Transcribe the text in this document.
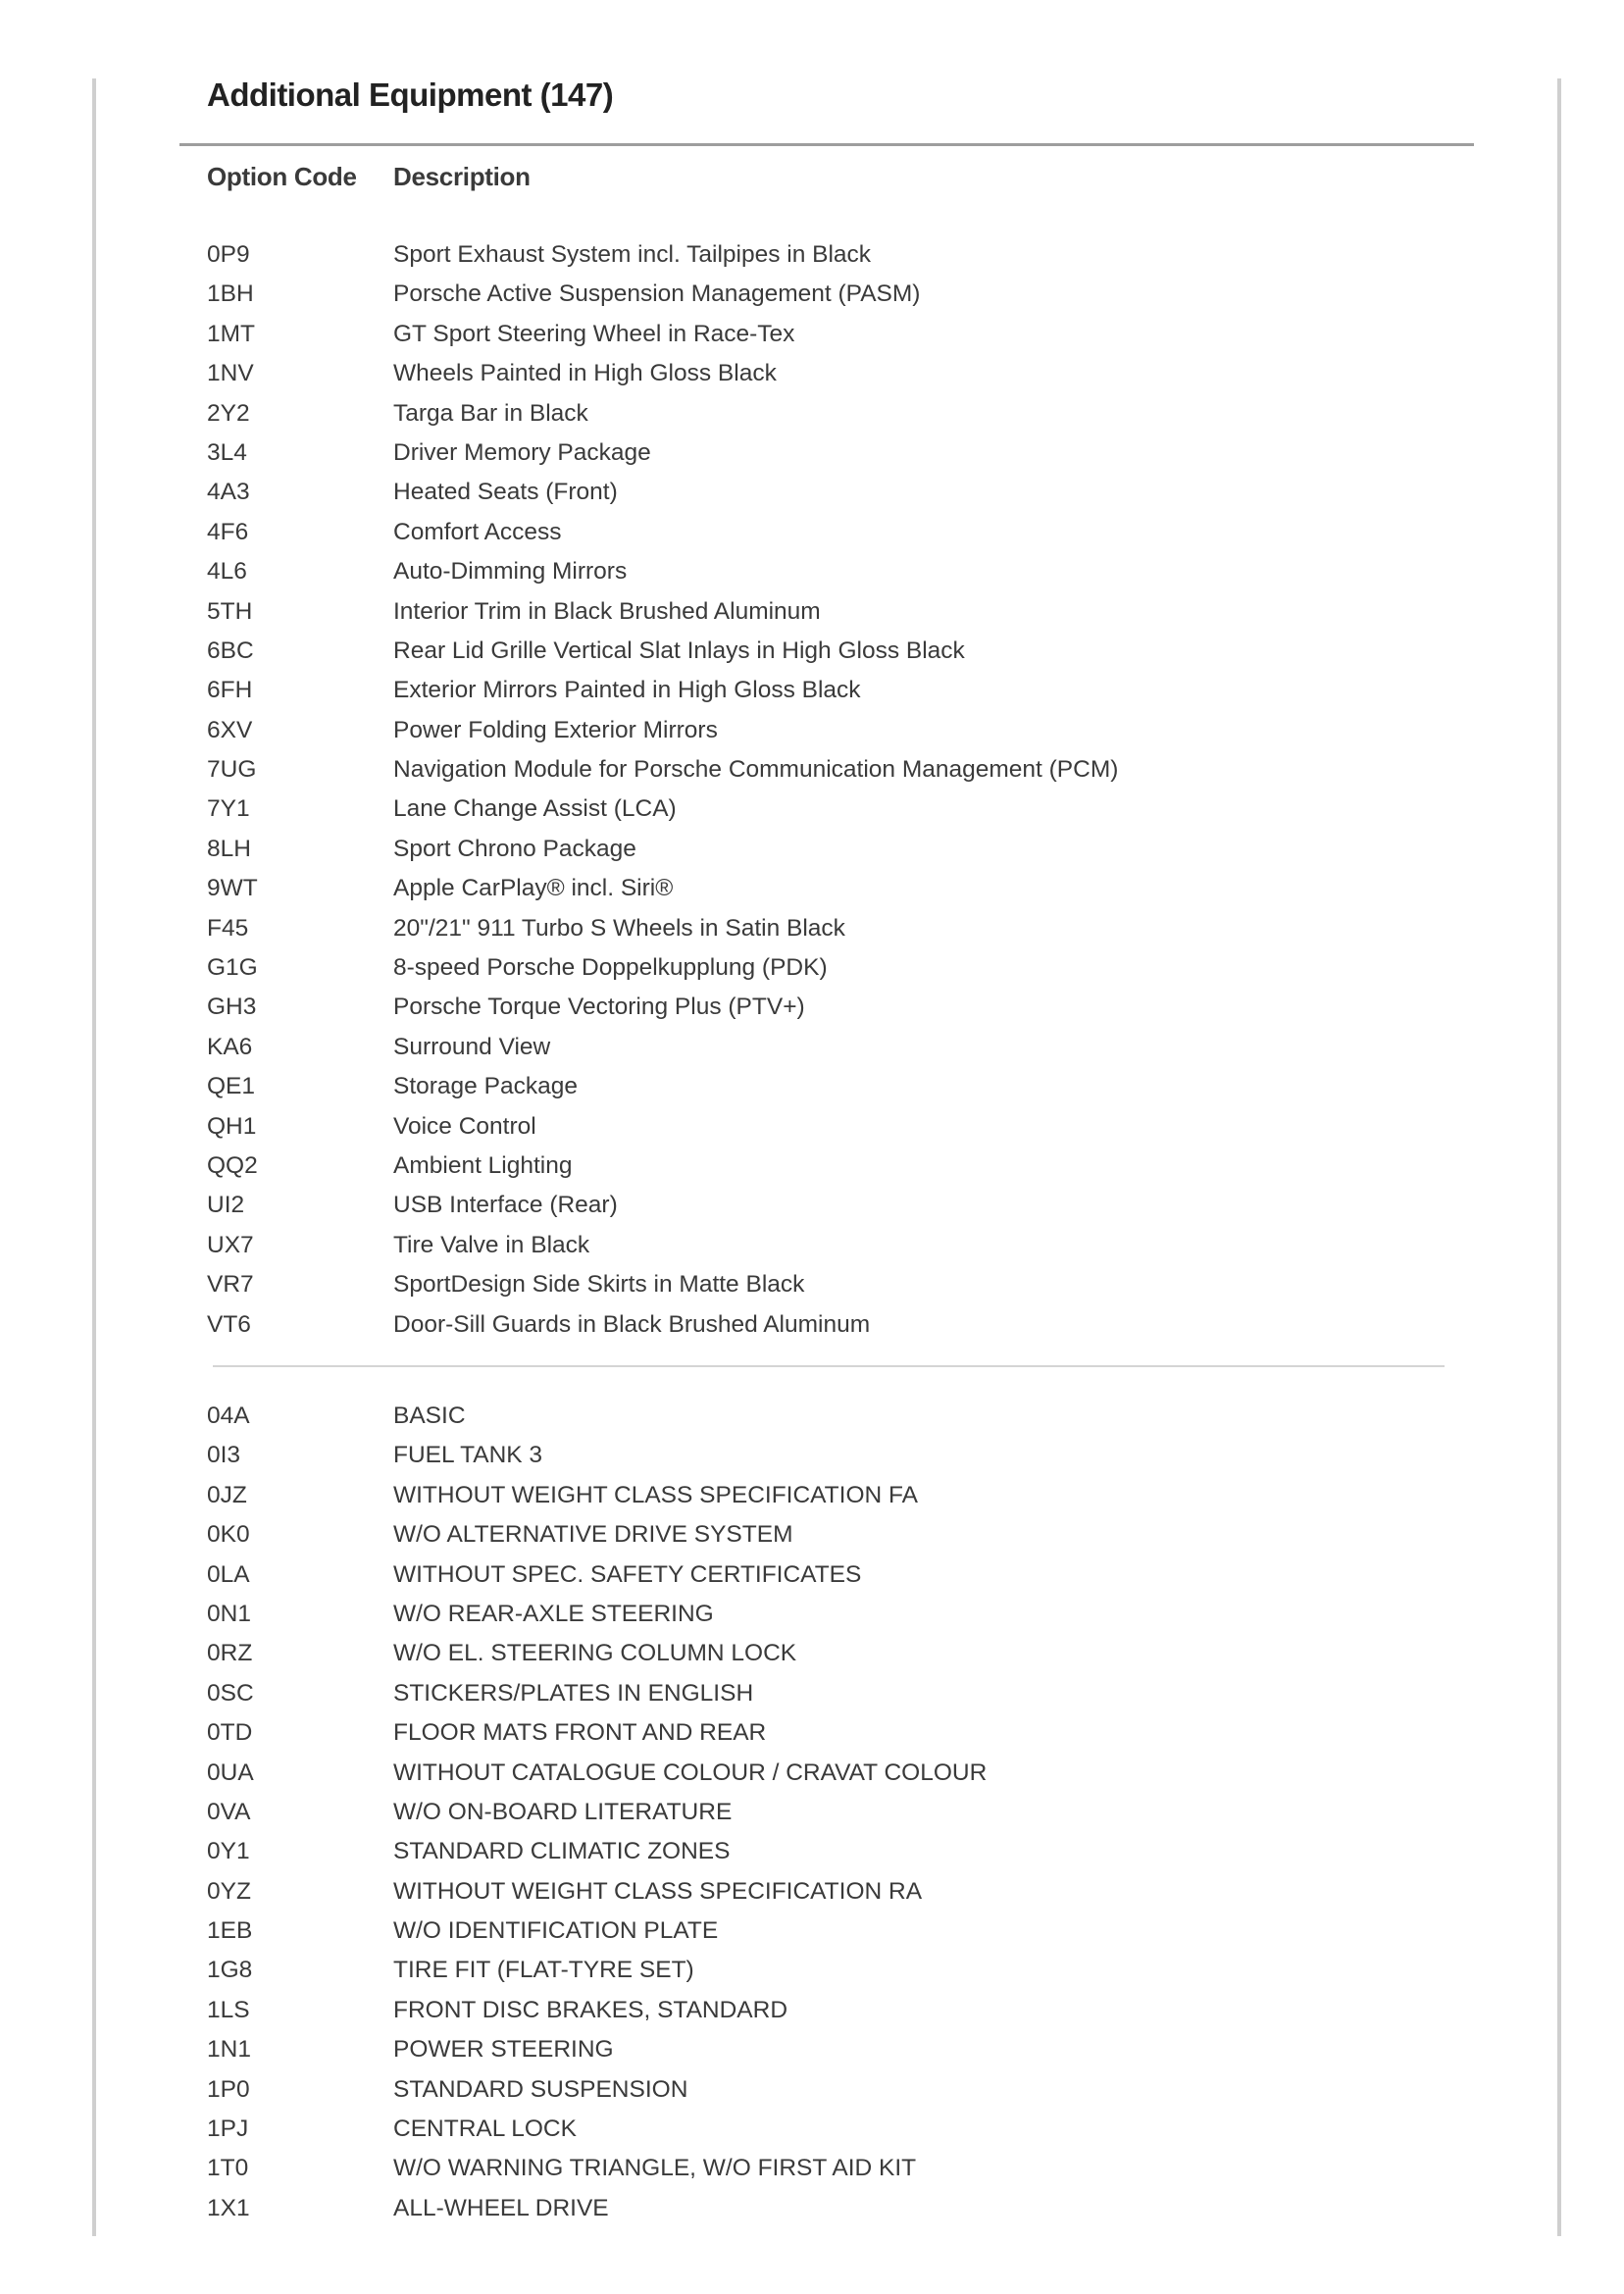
Additional Equipment (147)
Option Code Description
0P9	Sport Exhaust System incl. Tailpipes in Black
1BH	Porsche Active Suspension Management (PASM)
1MT	GT Sport Steering Wheel in Race-Tex
1NV	Wheels Painted in High Gloss Black
2Y2	Targa Bar in Black
3L4	Driver Memory Package
4A3	Heated Seats (Front)
4F6	Comfort Access
4L6	Auto-Dimming Mirrors
5TH	Interior Trim in Black Brushed Aluminum
6BC	Rear Lid Grille Vertical Slat Inlays in High Gloss Black
6FH	Exterior Mirrors Painted in High Gloss Black
6XV	Power Folding Exterior Mirrors
7UG	Navigation Module for Porsche Communication Management (PCM)
7Y1	Lane Change Assist (LCA)
8LH	Sport Chrono Package
9WT	Apple CarPlay® incl. Siri®
F45	20"/21" 911 Turbo S Wheels in Satin Black
G1G	8-speed Porsche Doppelkupplung (PDK)
GH3	Porsche Torque Vectoring Plus (PTV+)
KA6	Surround View
QE1	Storage Package
QH1	Voice Control
QQ2	Ambient Lighting
UI2	USB Interface (Rear)
UX7	Tire Valve in Black
VR7	SportDesign Side Skirts in Matte Black
VT6	Door-Sill Guards in Black Brushed Aluminum
04A	BASIC
0I3	FUEL TANK 3
0JZ	WITHOUT WEIGHT CLASS SPECIFICATION FA
0K0	W/O ALTERNATIVE DRIVE SYSTEM
0LA	WITHOUT SPEC. SAFETY CERTIFICATES
0N1	W/O REAR-AXLE STEERING
0RZ	W/O EL. STEERING COLUMN LOCK
0SC	STICKERS/PLATES IN ENGLISH
0TD	FLOOR MATS FRONT AND REAR
0UA	WITHOUT CATALOGUE COLOUR / CRAVAT COLOUR
0VA	W/O ON-BOARD LITERATURE
0Y1	STANDARD CLIMATIC ZONES
0YZ	WITHOUT WEIGHT CLASS SPECIFICATION RA
1EB	W/O IDENTIFICATION PLATE
1G8	TIRE FIT (FLAT-TYRE SET)
1LS	FRONT DISC BRAKES, STANDARD
1N1	POWER STEERING
1P0	STANDARD SUSPENSION
1PJ	CENTRAL LOCK
1T0	W/O WARNING TRIANGLE, W/O FIRST AID KIT
1X1	ALL-WHEEL DRIVE
